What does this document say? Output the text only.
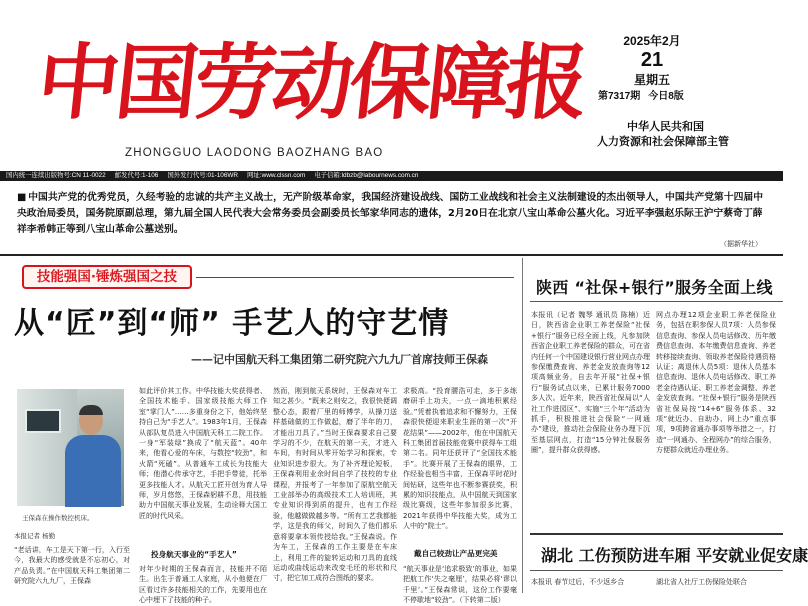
中国劳动保障报
ZHONGGUO LAODONG BAOZHANG BAO
2025年2月
21
星期五
第7317期 今日8版
中华人民共和国
人力资源和社会保障部主管
国内统一连续出版物号:CN 11-0022 邮发代号:1-106 国外发行代号:01-106WR 网址:www.clssn.com 电子信箱:ldbzb@labournews.com.cn
■ 中国共产党的优秀党员，久经考验的忠诚的共产主义战士，无产阶级革命家，我国经济建设战线、国防工业战线和社会主义法制建设的杰出领导人，中国共产党第十四届中央政治局委员，国务院原副总理，第九届全国人民代表大会常务委员会副委员长邹家华同志的遗体，2月20日在北京八宝山革命公墓火化。习近平李强赵乐际王沪宁蔡奇丁薛祥李希韩正等到八宝山革命公墓送别。
（据新华社）
技能强国·锤炼强国之技
从“匠”到“师” 手艺人的守艺情
——记中国航天科工集团第二研究院六九九厂首席技师王保森
王保森在操作数控机床。
本报记者 杨勤
“老话讲，车工是天下第一行，入行至今，我最大的感受就是不忘初心，对产品负责。”在中国航天科工集团第二研究院六九九厂，王保森
如此评价其工作。中华技能大奖获得者、全国技术能手、国家级技能大师工作室“掌门人”……多重身份之下，他始终坚持自己为“手艺人”。1983年1月，王保森从部队复员进入中国航天科工二院工作。一身“军装绿”换成了“航天蓝”。40年来，他看心爱的车床，与数控“较劲”，和火箭“死磕”。从普通车工成长为技能大师；他潜心传承守艺，手把手带徒，托举更多技能人才。从航天工匠开创为育人导师，岁月悠悠，王保森躬耕不息，用技能助力中国航天事业发展，生动诠释大国工匠的时代风采。
投身航天事业的“手艺人”
对年少时期的王保森而言，技能并不陌生。出生于普通工人家庭，从小他便在厂区看过许多技能相关的工作，先要用也在心中埋下了技能的种子。
然而，刚到航天系统时，王保森对车工知之甚少。“既来之则安之，我很快便调整心态，跟着厂里的师傅学，从操刀送样基础做的工作做起，磨了半年的刀，才能出刀具了。”当时王保森要求自己要学习的不少，在航天的第一天，才进入车间，有时间从零开始学习和探索，专业知识进步很大。为了补齐理论短板，王保森利用业余时间自学了技校的专业课程，并报考了一年参加了原航空航天工业部举办的高级技术工人培训班，其专业知识得到质的提升，也有工作经验，他越做做越多等。“所有工艺我都能学，这是我的师父，时间久了他们都乐意将要拿本领传授给我。”王保森说。作为车工，王保森的工作主要是在车床上，利用工件的旋转运动和刀具的直线运动或曲线运动来改变毛坯的形状和尺寸，把它加工成符合图纸的要求。
求极高。“投育腰浩可走，多于多练磨研手上功夫，一点一滴地积累经验。”凭着执着追求和不懈努力，王保森很快便迎来职业生涯的第一次“开花结果”——2002年，他在中国航天科工集团首届技能竞赛中获得车工组第二名。同年还获评了“全国技术能手”。比赛开展了王保森的眼界，工作经验也相当丰富，王保森平时花时间钻研，这些年也不断参赛获奖，积累的知识技能点，从中国航天到国家级比赛级，这些年参加很多比赛，2021年获得中华技能大奖，成为工人中的“院士”。
戴自己较劲让产品更完美
“航天事业是‘追求极致’的事业，如果把航工作‘失之毫厘’，结果必将‘谬以千里’。”王保森常说，这份工作要毫不停歇地“较劲”。（下转第二版）
陕西 “社保+银行”服务全面上线
本报讯（记者 魏琴 通讯员 陈楠）近日，陕西省企业职工养老保险“社保+银行”服务已经全面上线，凡参加陕西省企业职工养老保险的群众，可在省内任何一个中国建设银行营业网点办理参保缴费查询、养老金发放查询等12项高频业务，自去年开展“社保+银行”服务试点以来，已累计服务7000多人次。近年来，陕西省社保局以“人社工作进园区”、实施“三个年”活动为抓手，积极推进社会保险“一网通办”建设，推动社会保险业务办理下沉至基层网点，打造“15分钟社保服务圈”，提升群众获得感。
网点办理12项企业职工养老保险业务，包括在职参保人员7项：人员参保信息查询、参保人员电话修改、历年缴费信息查询、本年缴费信息查询、养老转移接续查询、领取养老保险待遇资格认证；离退休人员5项：退休人员基本信息查询、退休人员电话修改、职工养老金待遇认证、职工养老金调整、养老金发放查询。“社保+银行”服务是陕西省社保局按“14+6”服务体系、32项“就近办、自助办、网上办”重点事项，9项跨省通办事项等举措之一，打造“一网通办、全程网办”的综合服务，方便群众就近办理业务。
湖北 工伤预防进车厢 平安就业促安康
本报讯 春节过后，不少返乡合	湖北省人社厅工伤保险处联合
